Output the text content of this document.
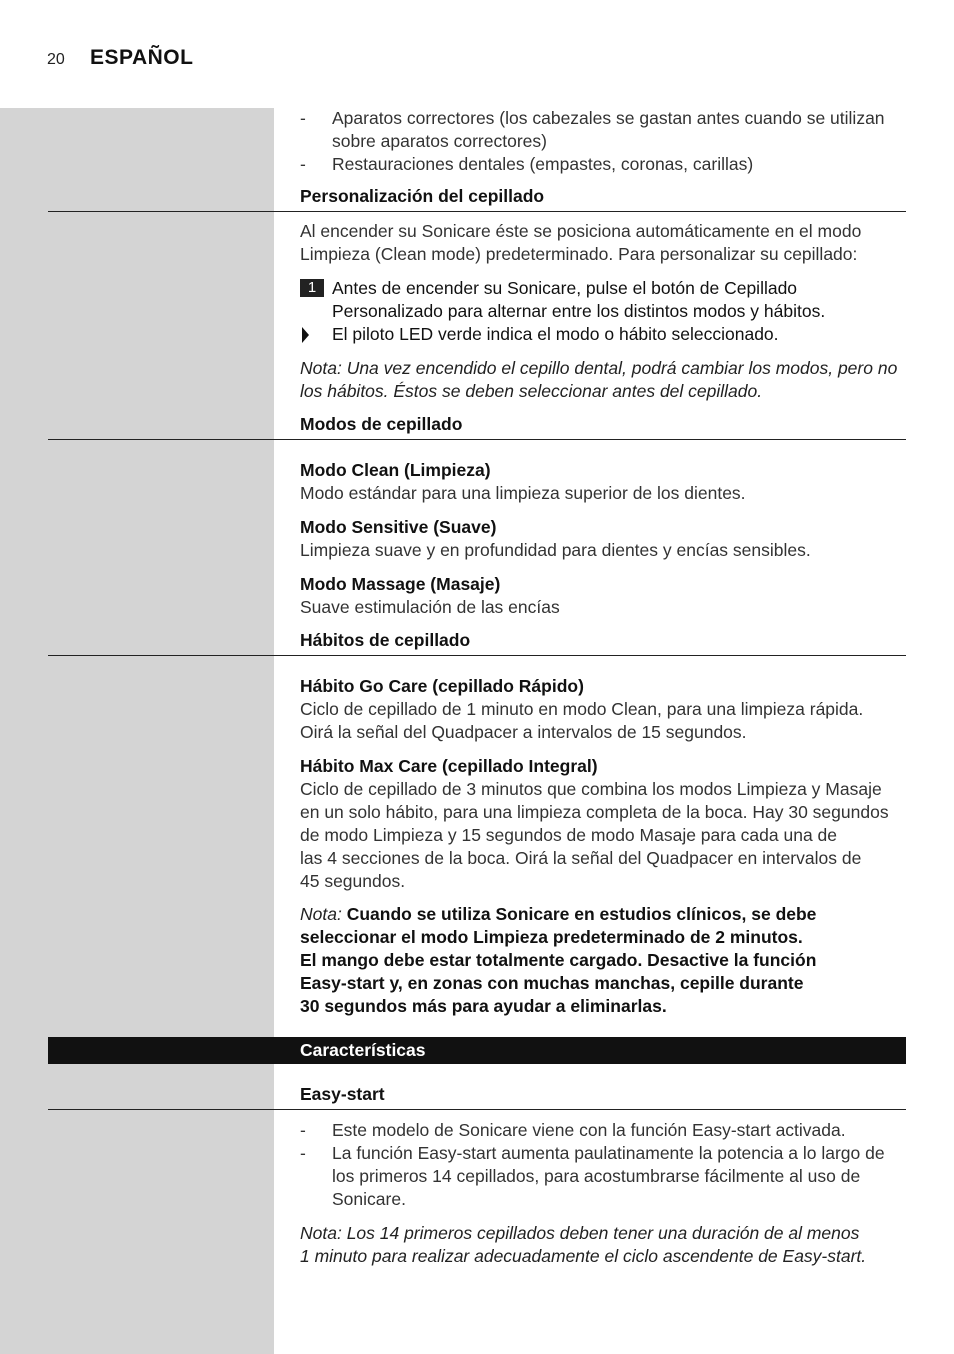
20 ESPAÑOL
- Aparatos correctores (los cabezales se gastan antes cuando se utilizan
sobre aparatos correctores)
- Restauraciones dentales (empastes, coronas, carillas)
Personalización del cepillado
Al encender su Sonicare éste se posiciona automáticamente en el modo
Limpieza (Clean mode) predeterminado. Para personalizar su cepillado:
1 Antes de encender su Sonicare, pulse el botón de Cepillado
Personalizado para alternar entre los distintos modos y hábitos.
El piloto LED verde indica el modo o hábito seleccionado.
Nota: Una vez encendido el cepillo dental, podrá cambiar los modos, pero no
los hábitos. Éstos se deben seleccionar antes del cepillado.
Modos de cepillado
Modo Clean (Limpieza)
Modo estándar para una limpieza superior de los dientes.
Modo Sensitive (Suave)
Limpieza suave y en profundidad para dientes y encías sensibles.
Modo Massage (Masaje)
Suave estimulación de las encías
Hábitos de cepillado
Hábito Go Care (cepillado Rápido)
Ciclo de cepillado de 1 minuto en modo Clean, para una limpieza rápida.
Oirá la señal del Quadpacer a intervalos de 15 segundos.
Hábito Max Care (cepillado Integral)
Ciclo de cepillado de 3 minutos que combina los modos Limpieza y Masaje
en un solo hábito, para una limpieza completa de la boca. Hay 30 segundos
de modo Limpieza y 15 segundos de modo Masaje para cada una de
las 4 secciones de la boca. Oirá la señal del Quadpacer en intervalos de
45 segundos.
Nota: Cuando se utiliza Sonicare en estudios clínicos, se debe
seleccionar el modo Limpieza predeterminado de 2 minutos.
El mango debe estar totalmente cargado. Desactive la función
Easy-start y, en zonas con muchas manchas, cepille durante
30 segundos más para ayudar a eliminarlas.
Características
Easy-start
- Este modelo de Sonicare viene con la función Easy-start activada.
- La función Easy-start aumenta paulatinamente la potencia a lo largo de
los primeros 14 cepillados, para acostumbrarse fácilmente al uso de
Sonicare.
Nota: Los 14 primeros cepillados deben tener una duración de al menos
1 minuto para realizar adecuadamente el ciclo ascendente de Easy-start.
